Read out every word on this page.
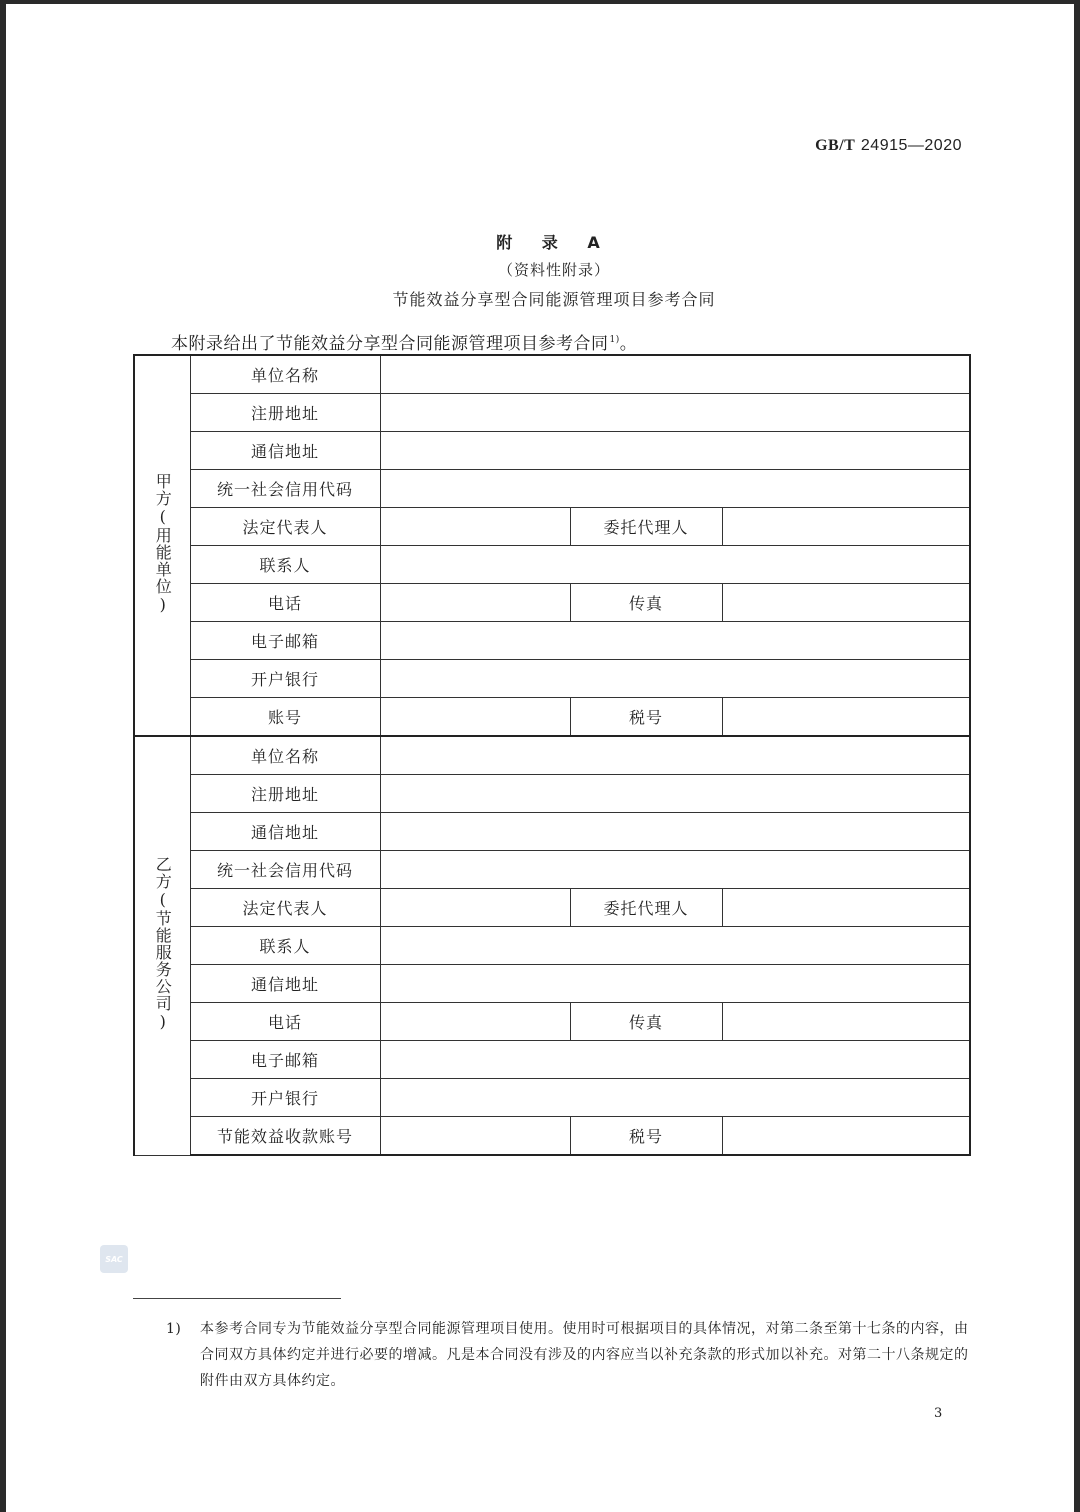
GB/T 24915—2020
附 录 A
（资料性附录）
节能效益分享型合同能源管理项目参考合同
本附录给出了节能效益分享型合同能源管理项目参考合同$^{1)}$。
甲方(用能单位)	单位名称			
	注册地址			
	通信地址			
	统一社会信用代码			
	法定代表人		委托代理人	
	联系人			
	电话		传真	
	电子邮箱			
	开户银行			
	账号		税号	
乙方(节能服务公司)	单位名称			
	注册地址			
	通信地址			
	统一社会信用代码			
	法定代表人		委托代理人	
	联系人			
	通信地址			
	电话		传真	
	电子邮箱			
	开户银行			
	节能效益收款账号		税号	
SAC
1) 本参考合同专为节能效益分享型合同能源管理项目使用。使用时可根据项目的具体情况，对第二条至第十七条的内容，由合同双方具体约定并进行必要的增减。凡是本合同没有涉及的内容应当以补充条款的形式加以补充。对第二十八条规定的附件由双方具体约定。
3
